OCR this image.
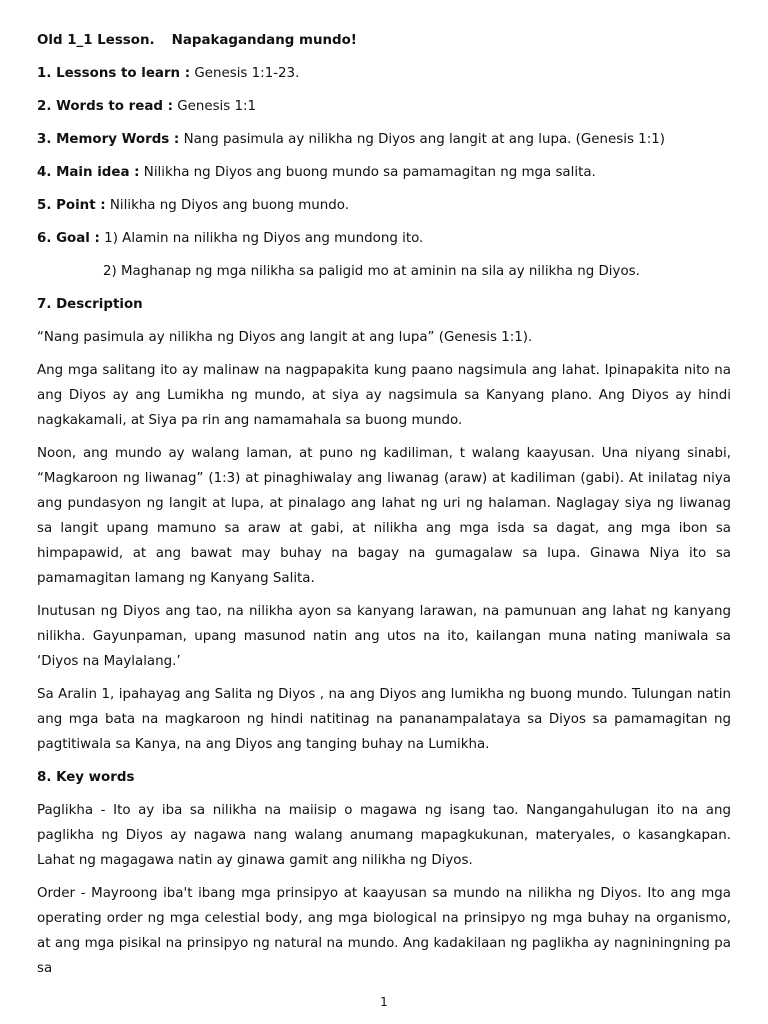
Old 1_1 Lesson. Napakagandang mundo!

1. Lessons to learn : Genesis 1:1-23.

2. Words to read : Genesis 1:1

3. Memory Words : Nang pasimula ay nilikha ng Diyos ang langit at ang lupa. (Genesis 1:1)

4. Main idea : Nilikha ng Diyos ang buong mundo sa pamamagitan ng mga salita.

5. Point : Nilikha ng Diyos ang buong mundo.

6. Goal : 1) Alamin na nilikha ng Diyos ang mundong ito.

2) Maghanap ng mga nilikha sa paligid mo at aminin na sila ay nilikha ng Diyos.

7. Description

“Nang pasimula ay nilikha ng Diyos ang langit at ang lupa” (Genesis 1:1).

Ang mga salitang ito ay malinaw na nagpapakita kung paano nagsimula ang lahat. Ipinapakita nito na ang Diyos ay ang Lumikha ng mundo, at siya ay nagsimula sa Kanyang plano. Ang Diyos ay hindi nagkakamali, at Siya pa rin ang namamahala sa buong mundo.

Noon, ang mundo ay walang laman, at puno ng kadiliman, t walang kaayusan. Una niyang sinabi, “Magkaroon ng liwanag” (1:3) at pinaghiwalay ang liwanag (araw) at kadiliman (gabi). At inilatag niya ang pundasyon ng langit at lupa, at pinalago ang lahat ng uri ng halaman. Naglagay siya ng liwanag sa langit upang mamuno sa araw at gabi, at nilikha ang mga isda sa dagat, ang mga ibon sa himpapawid, at ang bawat may buhay na bagay na gumagalaw sa lupa. Ginawa Niya ito sa pamamagitan lamang ng Kanyang Salita.

Inutusan ng Diyos ang tao, na nilikha ayon sa kanyang larawan, na pamunuan ang lahat ng kanyang nilikha. Gayunpaman, upang masunod natin ang utos na ito, kailangan muna nating maniwala sa ‘Diyos na Maylalang.’

Sa Aralin 1, ipahayag ang Salita ng Diyos , na ang Diyos ang lumikha ng buong mundo. Tulungan natin ang mga bata na magkaroon ng hindi natitinag na pananampalataya sa Diyos sa pamamagitan ng pagtitiwala sa Kanya, na ang Diyos ang tanging buhay na Lumikha.

8. Key words

Paglikha - Ito ay iba sa nilikha na maiisip o magawa ng isang tao. Nangangahulugan ito na ang paglikha ng Diyos ay nagawa nang walang anumang mapagkukunan, materyales, o kasangkapan. Lahat ng magagawa natin ay ginawa gamit ang nilikha ng Diyos.

Order - Mayroong iba't ibang mga prinsipyo at kaayusan sa mundo na nilikha ng Diyos. Ito ang mga operating order ng mga celestial body, ang mga biological na prinsipyo ng mga buhay na organismo, at ang mga pisikal na prinsipyo ng natural na mundo. Ang kadakilaan ng paglikha ay nagniningning pa sa

1
